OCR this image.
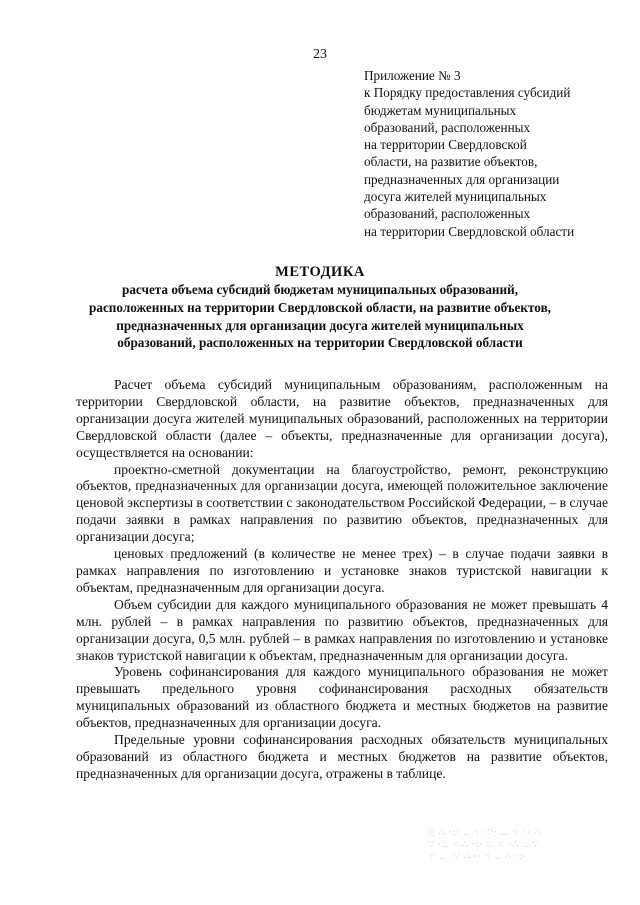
23
Приложение № 3
к Порядку предоставления субсидий
бюджетам муниципальных
образований, расположенных
на территории Свердловской
области, на развитие объектов,
предназначенных для организации
досуга жителей муниципальных
образований, расположенных
на территории Свердловской области
МЕТОДИКА
расчета объема субсидий бюджетам муниципальных образований,
расположенных на территории Свердловской области, на развитие объектов,
предназначенных для организации досуга жителей муниципальных
образований, расположенных на территории Свердловской области

Расчет объема субсидий муниципальным образованиям, расположенным на территории Свердловской области, на развитие объектов, предназначенных для организации досуга жителей муниципальных образований, расположенных на территории Свердловской области (далее – объекты, предназначенные для организации досуга), осуществляется на основании:

проектно-сметной документации на благоустройство, ремонт, реконструкцию объектов, предназначенных для организации досуга, имеющей положительное заключение ценовой экспертизы в соответствии с законодательством Российской Федерации, – в случае подачи заявки в рамках направления по развитию объектов, предназначенных для организации досуга;

ценовых предложений (в количестве не менее трех) – в случае подачи заявки в рамках направления по изготовлению и установке знаков туристской навигации к объектам, предназначенным для организации досуга.

Объем субсидии для каждого муниципального образования не может превышать 4 млн. рублей – в рамках направления по развитию объектов, предназначенных для организации досуга, 0,5 млн. рублей – в рамках направления по изготовлению и установке знаков туристской навигации к объектам, предназначенным для организации досуга.

Уровень софинансирования для каждого муниципального образования не может превышать предельного уровня софинансирования расходных обязательств муниципальных образований из областного бюджета и местных бюджетов на развитие объектов, предназначенных для организации досуга.

Предельные уровни софинансирования расходных обязательств муниципальных образований из областного бюджета и местных бюджетов на развитие объектов, предназначенных для организации досуга, отражены в таблице.

░ ∴ ·:· ‥ ⁖ ·∵· ‥ ⁘ ·· ∴
∵ ·‥ ⁖ ∴ ·:· ‥ ⁙ ·∴ ‥ ∵
⁘ ‥ ·∵ ∴ ·· ⁖ ‥ ∴ ·:·
